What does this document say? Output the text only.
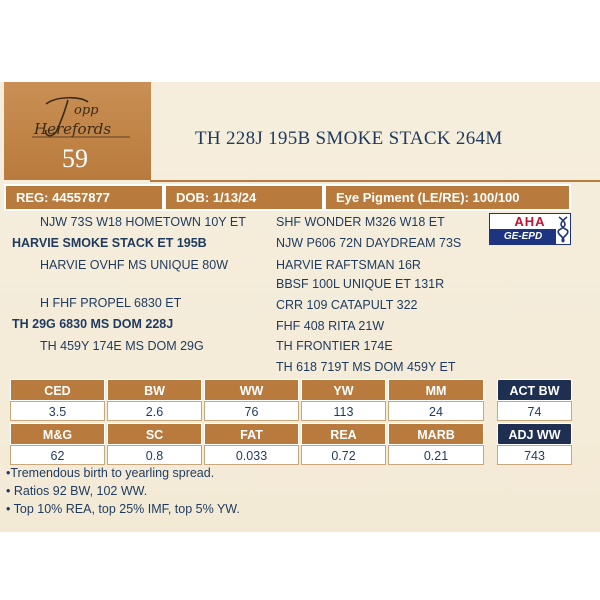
opp
Herefords
59
TH 228J 195B SMOKE STACK 264M
REG: 44557877	DOB: 1/13/24	Eye Pigment (LE/RE): 100/100
NJW 73S W18 HOMETOWN 10Y ET
HARVIE SMOKE STACK ET 195B
HARVIE OVHF MS UNIQUE 80W
H FHF PROPEL 6830 ET
TH 29G 6830 MS DOM 228J
TH 459Y 174E MS DOM 29G
SHF WONDER M326 W18 ET
NJW P606 72N DAYDREAM 73S
HARVIE RAFTSMAN 16R
BBSF 100L UNIQUE ET 131R
CRR 109 CATAPULT 322
FHF 408 RITA 21W
TH FRONTIER 174E
TH 618 719T MS DOM 459Y ET
AHA
GE-EPD
CED	BW	WW	YW	MM	ACT BW
3.5	2.6	76	113	24	74
M&G	SC	FAT	REA	MARB	ADJ WW
62	0.8	0.033	0.72	0.21	743
•Tremendous birth to yearling spread.
• Ratios 92 BW, 102 WW.
• Top 10% REA, top 25% IMF, top 5% YW.
